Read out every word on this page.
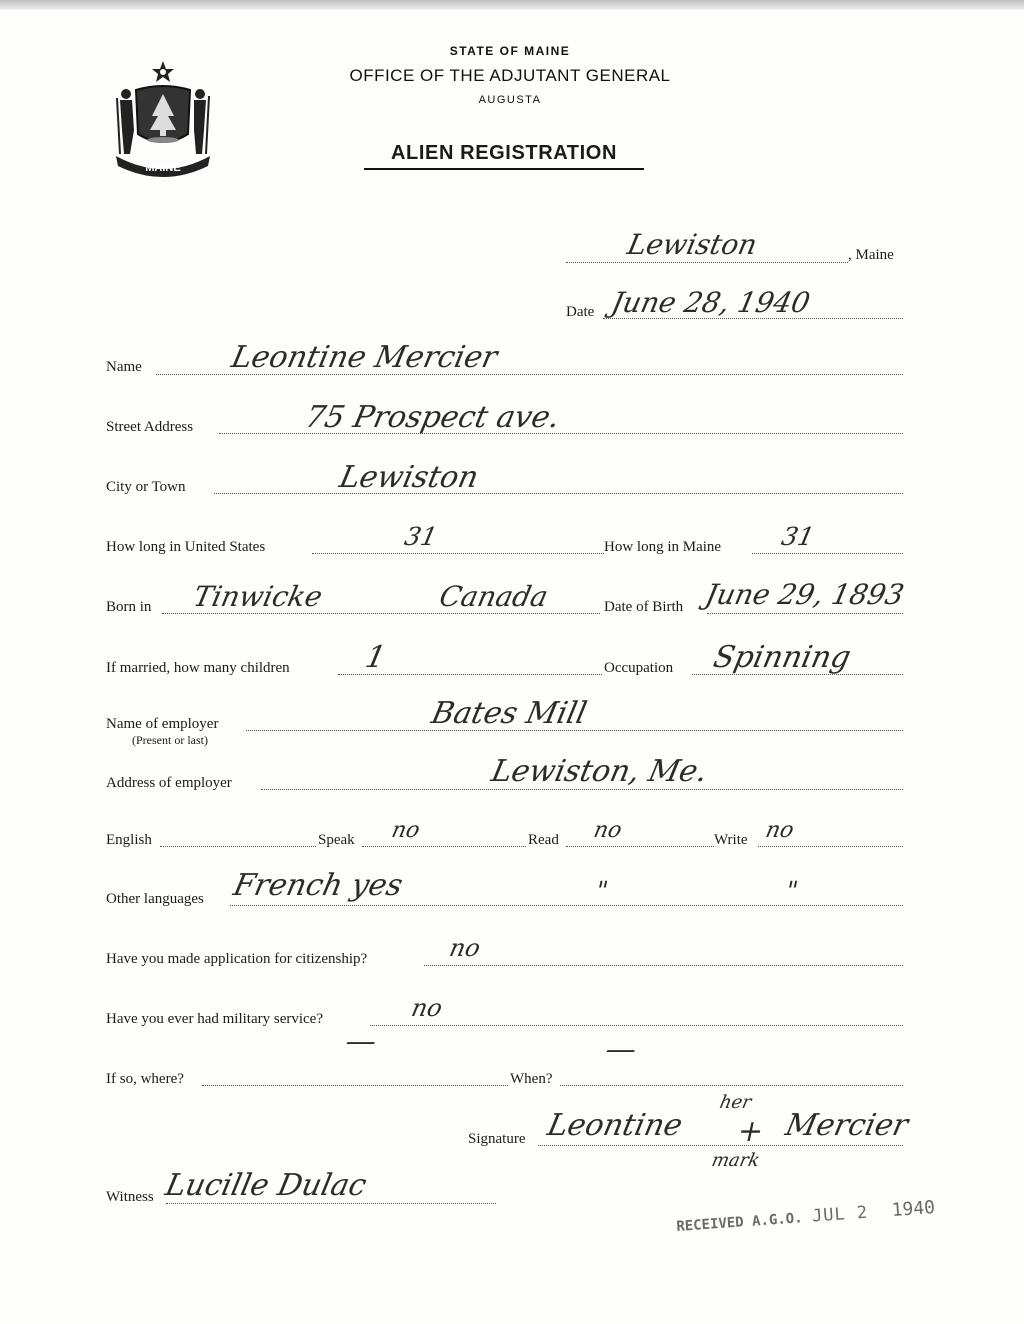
MAINE
STATE OF MAINE
OFFICE OF THE ADJUTANT GENERAL
AUGUSTA
ALIEN REGISTRATION
Lewiston	, Maine
Date June 28, 1940
Name	Leontine Mercier
Street Address	75 Prospect ave.
City or Town	Lewiston
How long in United States	31	How long in Maine 31
Born in Tinwicke	Canada	Date of Birth June 29, 1893
If married, how many children 1	Occupation Spinning
Name of employer
(Present or last)
Bates Mill
Address of employer	Lewiston, Me.
English	Speak no	Read no	Write no
Other languages French yes	"	"
Have you made application for citizenship?	no
Have you ever had military service?	no
—	—
If so, where?	When?
Signature Leontine
her
+
mark
Mercier
Witness Lucille Dulac
RECEIVED A.G.O. JUL 2 1940
